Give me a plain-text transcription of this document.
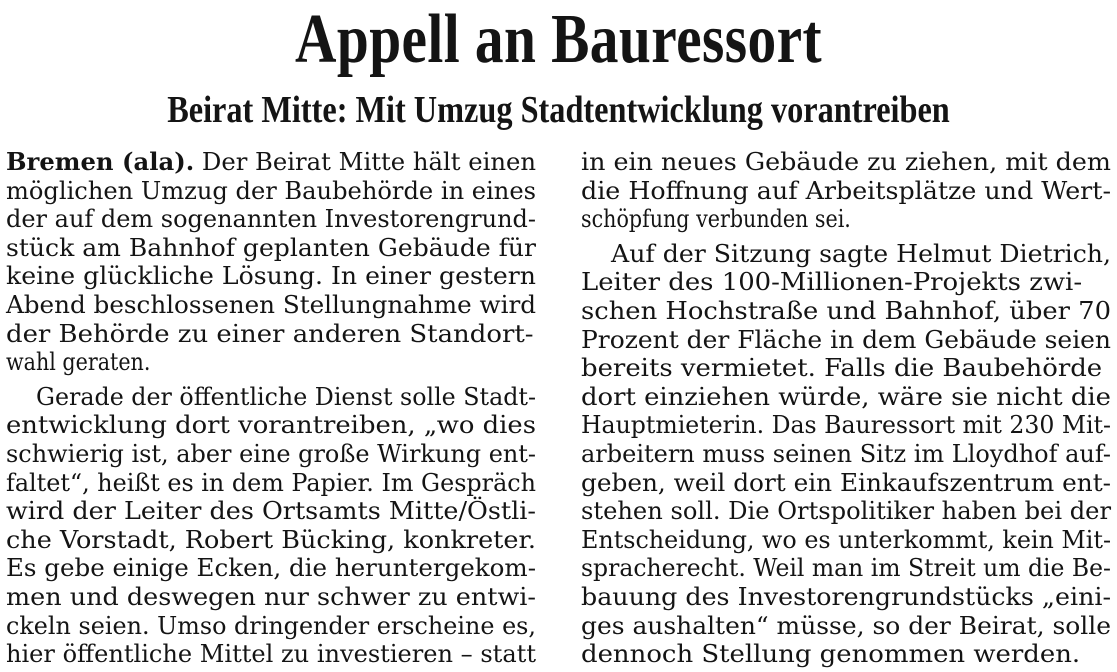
Appell an Bauressort
Beirat Mitte: Mit Umzug Stadtentwicklung vorantreiben
Bremen (ala). Der Beirat Mitte hält einen
möglichen Umzug der Baubehörde in eines
der auf dem sogenannten Investorengrund-
stück am Bahnhof geplanten Gebäude für
keine glückliche Lösung. In einer gestern
Abend beschlossenen Stellungnahme wird
der Behörde zu einer anderen Standort-
wahl geraten.
Gerade der öffentliche Dienst solle Stadt-
entwicklung dort vorantreiben, „wo dies
schwierig ist, aber eine große Wirkung ent-
faltet“, heißt es in dem Papier. Im Gespräch
wird der Leiter des Ortsamts Mitte/Östli-
che Vorstadt, Robert Bücking, konkreter.
Es gebe einige Ecken, die heruntergekom-
men und deswegen nur schwer zu entwi-
ckeln seien. Umso dringender erscheine es,
hier öffentliche Mittel zu investieren – statt
in ein neues Gebäude zu ziehen, mit dem
die Hoffnung auf Arbeitsplätze und Wert-
schöpfung verbunden sei.
Auf der Sitzung sagte Helmut Dietrich,
Leiter des 100-Millionen-Projekts zwi-
schen Hochstraße und Bahnhof, über 70
Prozent der Fläche in dem Gebäude seien
bereits vermietet. Falls die Baubehörde
dort einziehen würde, wäre sie nicht die
Hauptmieterin. Das Bauressort mit 230 Mit-
arbeitern muss seinen Sitz im Lloydhof auf-
geben, weil dort ein Einkaufszentrum ent-
stehen soll. Die Ortspolitiker haben bei der
Entscheidung, wo es unterkommt, kein Mit-
spracherecht. Weil man im Streit um die Be-
bauung des Investorengrundstücks „eini-
ges aushalten“ müsse, so der Beirat, solle
dennoch Stellung genommen werden.
